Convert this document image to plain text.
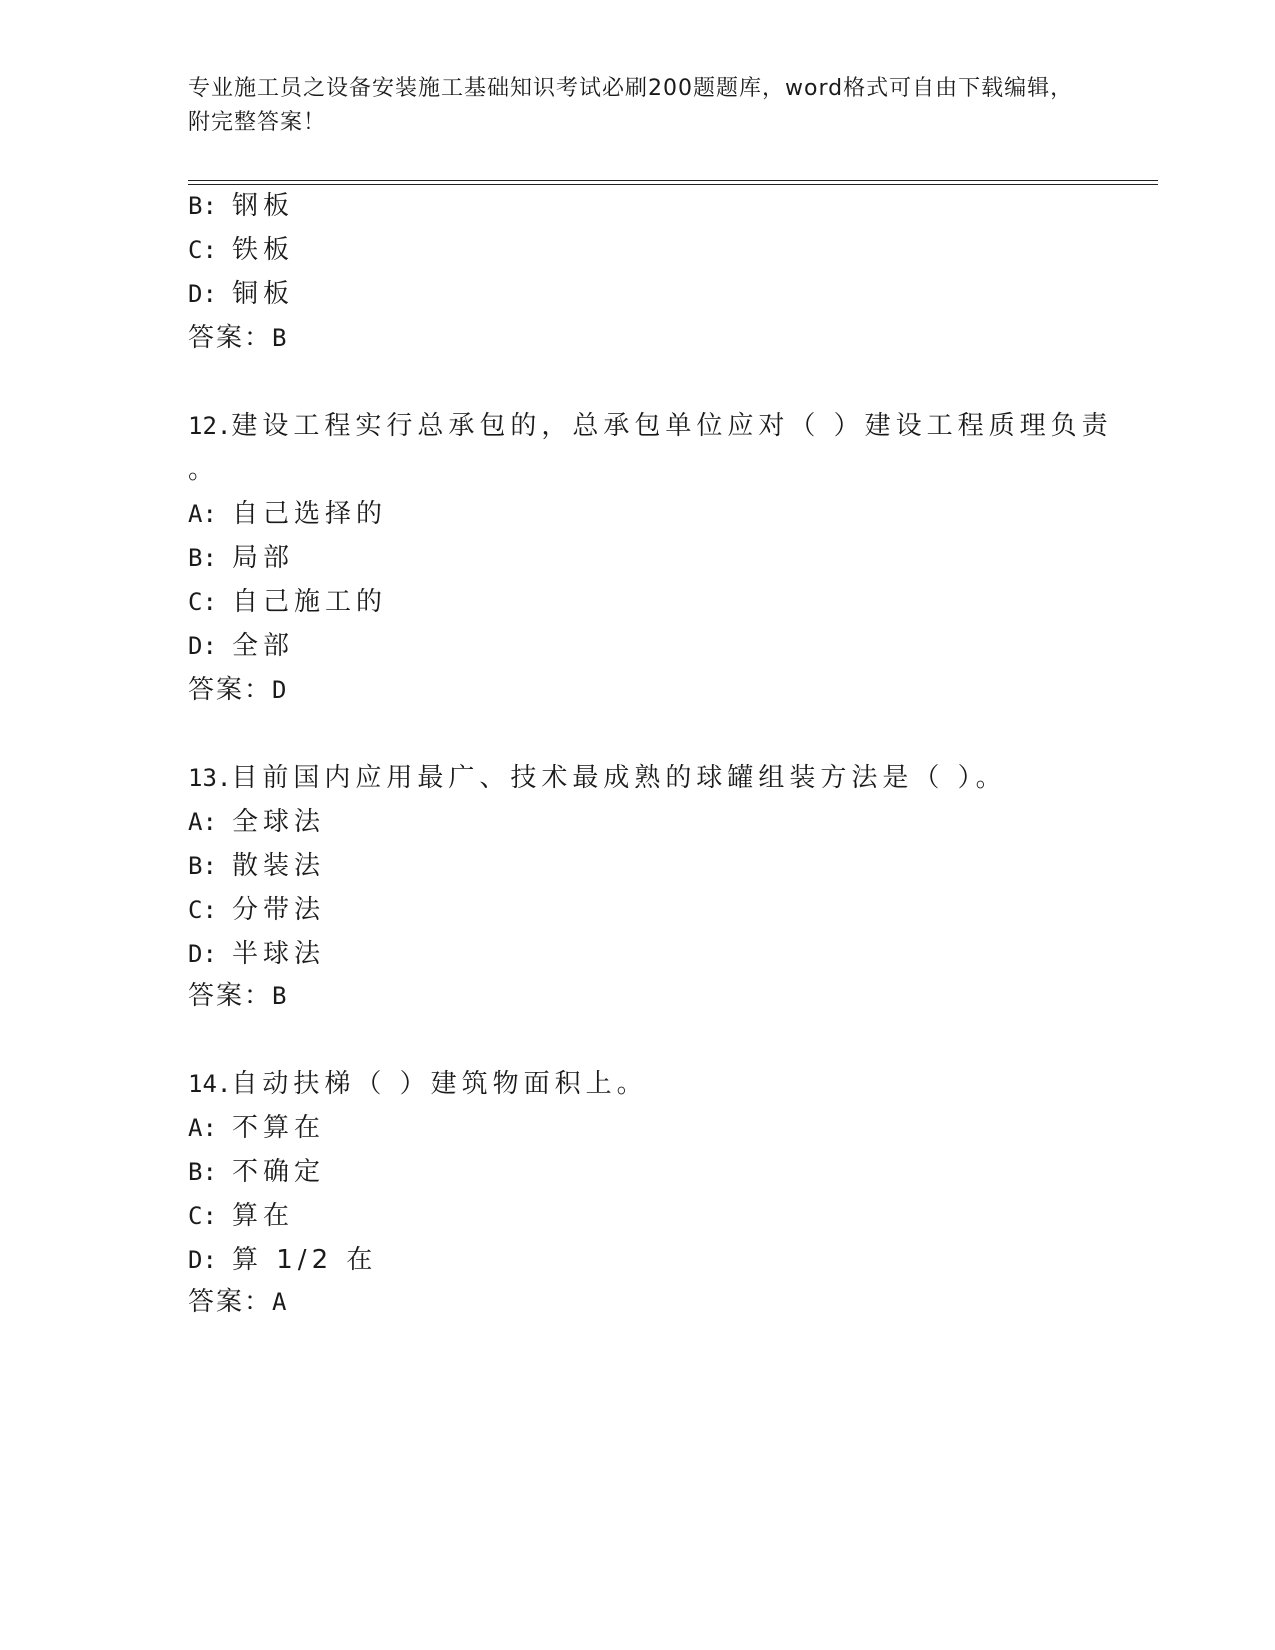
专业施工员之设备安装施工基础知识考试必刷200题题库，word格式可自由下载编辑，附完整答案！
B: 钢板
C: 铁板
D: 铜板
答案：B
12.建设工程实行总承包的，总承包单位应对（ ）建设工程质理负责
。
A: 自己选择的
B: 局部
C: 自己施工的
D: 全部
答案：D
13.目前国内应用最广、技术最成熟的球罐组装方法是（ ）。
A: 全球法
B: 散装法
C: 分带法
D: 半球法
答案：B
14.自动扶梯（ ）建筑物面积上。
A: 不算在
B: 不确定
C: 算在
D: 算 1/2 在
答案：A
